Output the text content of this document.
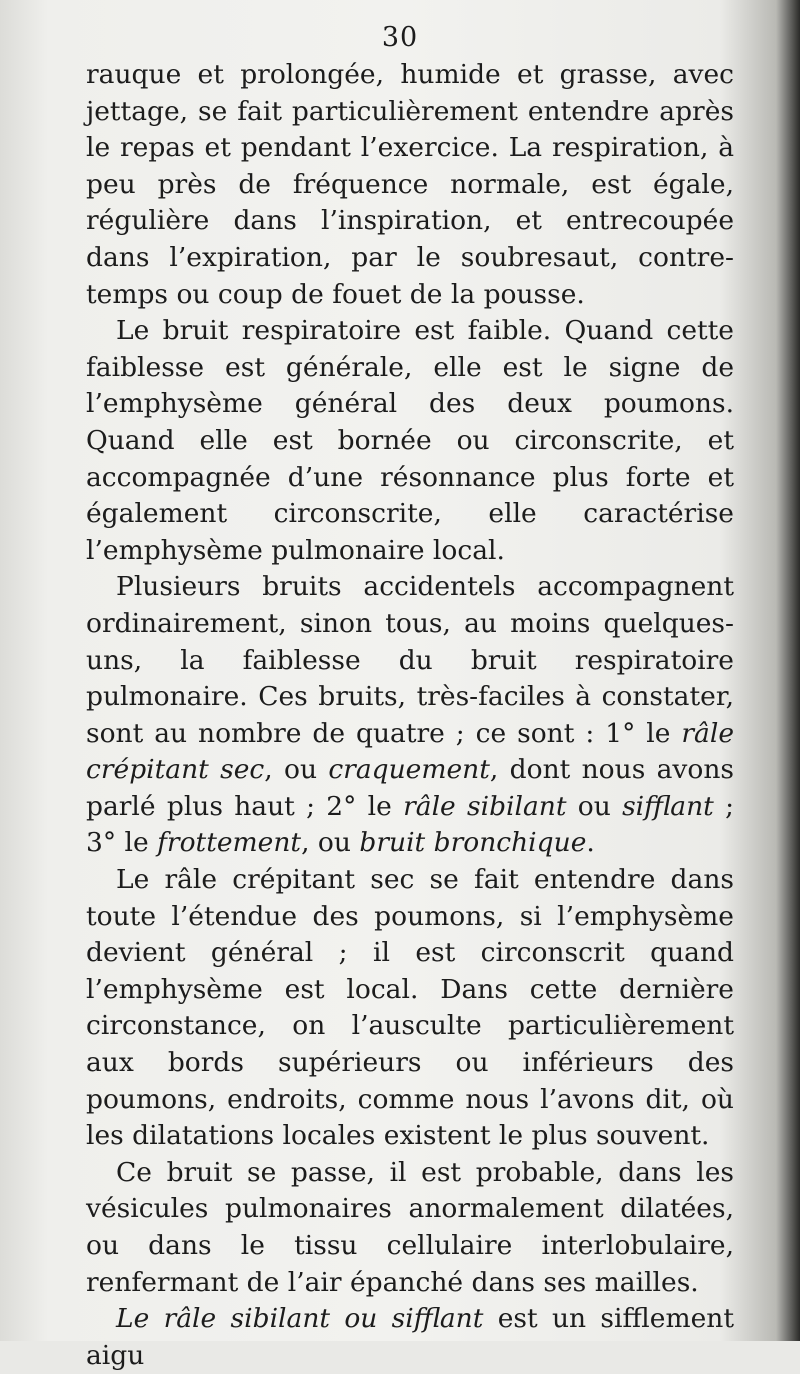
30

rauque et prolongée, humide et grasse, avec jettage, se fait particulièrement entendre après le repas et pendant l’exercice. La respiration, à peu près de fréquence normale, est égale, régulière dans l’inspiration, et entrecoupée dans l’expiration, par le soubresaut, contre-temps ou coup de fouet de la pousse.

Le bruit respiratoire est faible. Quand cette faiblesse est générale, elle est le signe de l’emphysème général des deux poumons. Quand elle est bornée ou circonscrite, et accompagnée d’une résonnance plus forte et également circonscrite, elle caractérise l’emphysème pulmonaire local.

Plusieurs bruits accidentels accompagnent ordinairement, sinon tous, au moins quelques-uns, la faiblesse du bruit respiratoire pulmonaire. Ces bruits, très-faciles à constater, sont au nombre de quatre ; ce sont : 1° le râle crépitant sec, ou craquement, dont nous avons parlé plus haut ; 2° le râle sibilant ou sifflant ; 3° le frottement, ou bruit bronchique.

Le râle crépitant sec se fait entendre dans toute l’étendue des poumons, si l’emphysème devient général ; il est circonscrit quand l’emphysème est local. Dans cette dernière circonstance, on l’ausculte particulièrement aux bords supérieurs ou inférieurs des poumons, endroits, comme nous l’avons dit, où les dilatations locales existent le plus souvent.

Ce bruit se passe, il est probable, dans les vésicules pulmonaires anormalement dilatées, ou dans le tissu cellulaire interlobulaire, renfermant de l’air épanché dans ses mailles.

Le râle sibilant ou sifflant est un sifflement aigu
